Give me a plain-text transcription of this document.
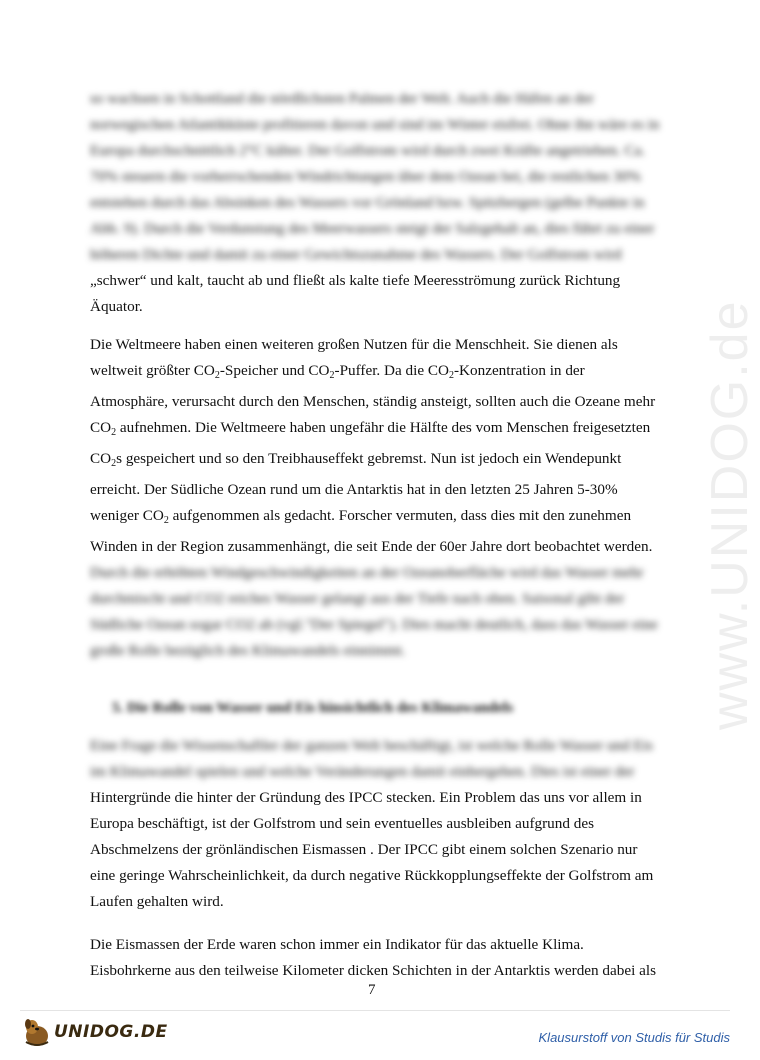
www.UNIDOG.de
so wachsen in Schottland die nördlichsten Palmen der Welt. Auch die Häfen an der
norwegischen Atlantikküste profitieren davon und sind im Winter eisfrei. Ohne ihn wäre es in
Europa durchschnittlich 2°C kälter. Der Golfstrom wird durch zwei Kräfte angetrieben. Ca.
70% steuern die vorherrschenden Windrichtungen über dem Ozean bei, die restlichen 30%
entstehen durch das Absinken des Wassers vor Grönland bzw. Spitzbergen (gelbe Punkte in
Abb. 9). Durch die Verdunstung des Meerwassers steigt der Salzgehalt an, dies führt zu einer
höheren Dichte und damit zu einer Gewichtszunahme des Wassers. Der Golfstrom wird
„schwer“ und kalt, taucht ab und fließt als kalte tiefe Meeresströmung zurück Richtung
Äquator.
Die Weltmeere haben einen weiteren großen Nutzen für die Menschheit. Sie dienen als
weltweit größter $CO_2$-Speicher und $CO_2$-Puffer. Da die $CO_2$-Konzentration in der
Atmosphäre, verursacht durch den Menschen, ständig ansteigt, sollten auch die Ozeane mehr
$CO_2$ aufnehmen. Die Weltmeere haben ungefähr die Hälfte des vom Menschen freigesetzten
$CO_2s$ gespeichert und so den Treibhauseffekt gebremst. Nun ist jedoch ein Wendepunkt
erreicht. Der Südliche Ozean rund um die Antarktis hat in den letzten 25 Jahren 5-30%
weniger $CO_2$ aufgenommen als gedacht. Forscher vermuten, dass dies mit den zunehmen
Winden in der Region zusammenhängt, die seit Ende der 60er Jahre dort beobachtet werden.
Durch die erhöhten Windgeschwindigkeiten an der Ozeanoberfläche wird das Wasser mehr
durchmischt und CO2 reiches Wasser gelangt aus der Tiefe nach oben. Saisonal gibt der
Südliche Ozean sogar CO2 ab (vgl."Der Spiegel"). Dies macht deutlich, dass das Wasser eine
große Rolle bezüglich des Klimawandels einnimmt.
5. Die Rolle von Wasser und Eis hinsichtlich des Klimawandels
Eine Frage die Wissenschaftler der ganzen Welt beschäftigt, ist welche Rolle Wasser und Eis
im Klimawandel spielen und welche Veränderungen damit einhergehen. Dies ist einer der
Hintergründe die hinter der Gründung des IPCC stecken. Ein Problem das uns vor allem in
Europa beschäftigt, ist der Golfstrom und sein eventuelles ausbleiben aufgrund des
Abschmelzens der grönländischen Eismassen . Der IPCC gibt einem solchen Szenario nur
eine geringe Wahrscheinlichkeit, da durch negative Rückkopplungseffekte der Golfstrom am
Laufen gehalten wird.
Die Eismassen der Erde waren schon immer ein Indikator für das aktuelle Klima.
Eisbohrkerne aus den teilweise Kilometer dicken Schichten in der Antarktis werden dabei als
7
UNIDOG.DE	Klausurstoff von Studis für Studis
